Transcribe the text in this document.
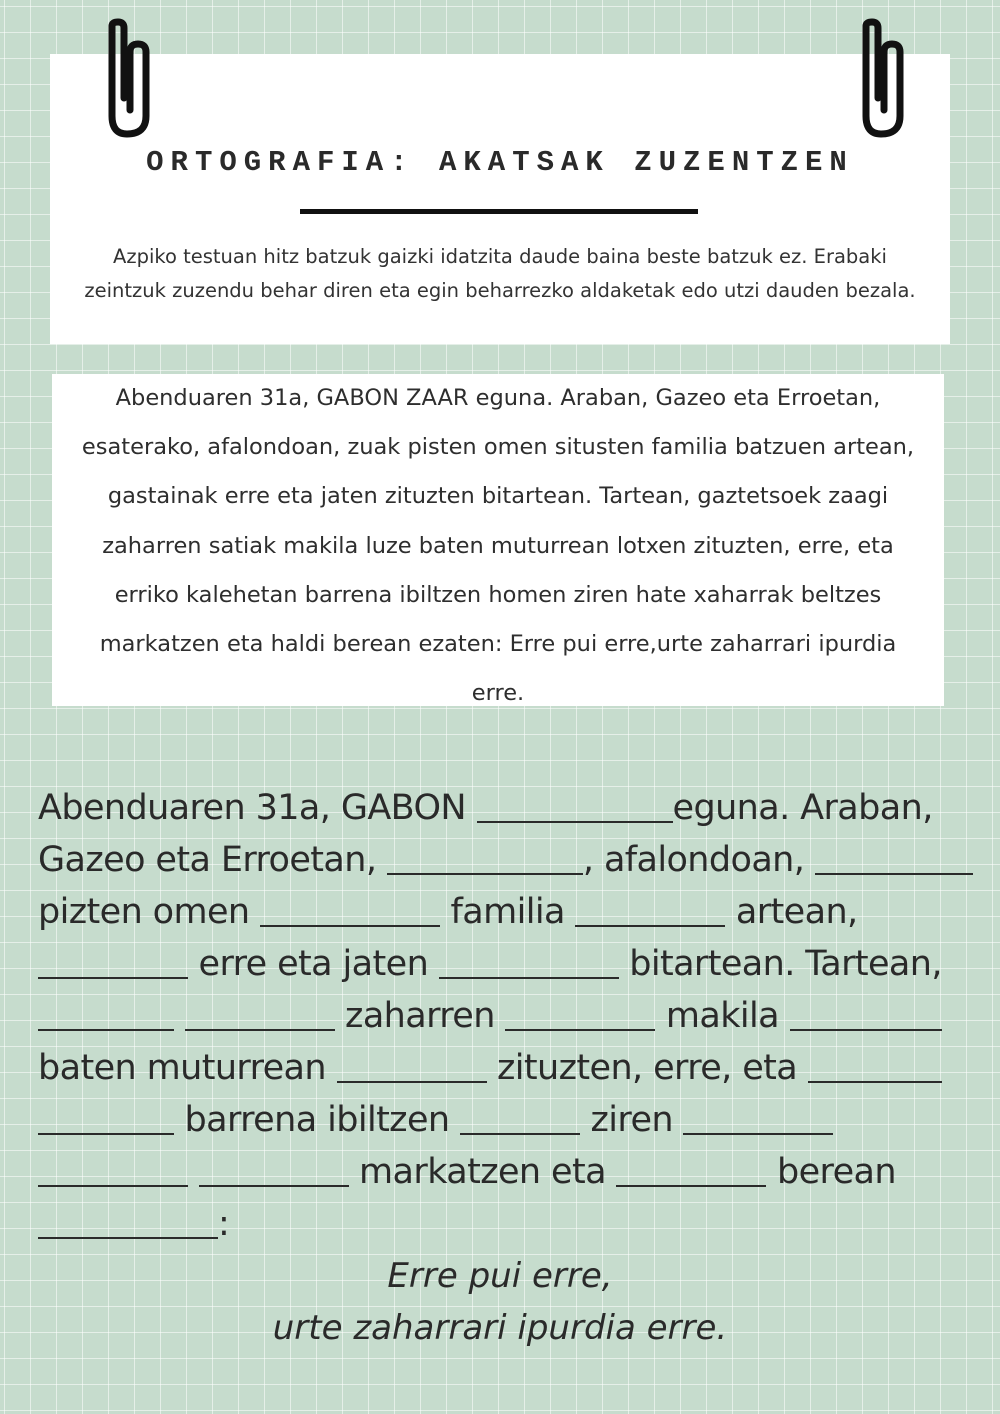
ORTOGRAFIA: AKATSAK ZUZENTZEN
Azpiko testuan hitz batzuk gaizki idatzita daude baina beste batzuk ez. Erabaki
zeintzuk zuzendu behar diren eta egin beharrezko aldaketak edo utzi dauden bezala.
Abenduaren 31a, GABON ZAAR eguna. Araban, Gazeo eta Erroetan,
esaterako, afalondoan, zuak pisten omen situsten familia batzuen artean,
gastainak erre eta jaten zituzten bitartean. Tartean, gaztetsoek zaagi
zaharren satiak makila luze baten muturrean lotxen zituzten, erre, eta
erriko kalehetan barrena ibiltzen homen ziren hate xaharrak beltzes
markatzen eta haldi berean ezaten: Erre pui erre,urte zaharrari ipurdia
erre.
Abenduaren 31a, GABON	eguna. Araban,
Gazeo eta Erroetan,	, afalondoan,
pizten omen	familia	artean,
erre eta jaten	bitartean. Tartean,
zaharren	makila
baten muturrean	zituzten, erre, eta
barrena ibiltzen	ziren
markatzen eta	berean
:
Erre pui erre,
urte zaharrari ipurdia erre.
